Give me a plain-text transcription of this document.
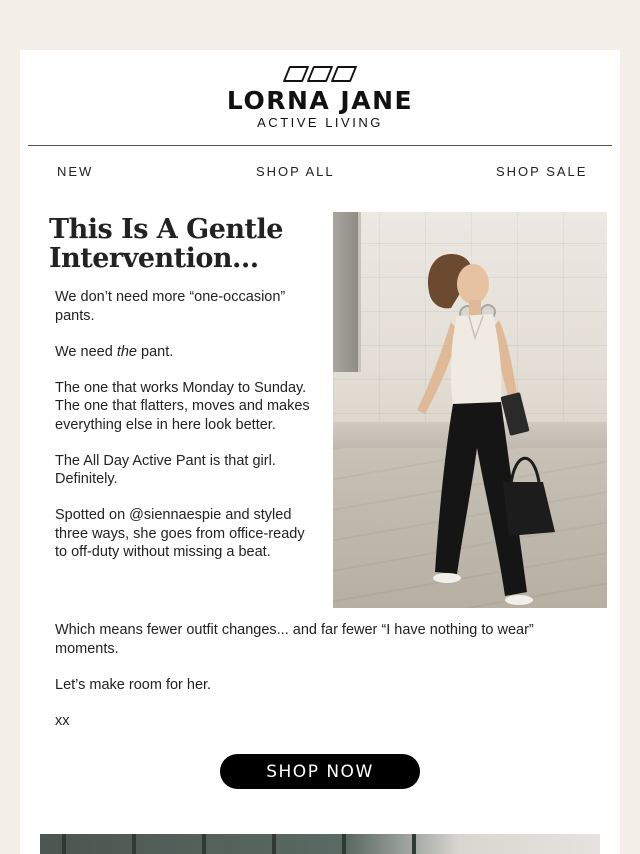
LORNA JANE
ACTIVE LIVING
NEW	SHOP ALL	SHOP SALE
This Is A Gentle
Intervention...

We don’t need more “one-occasion” pants.

We need the pant.

The one that works Monday to Sunday. The one that flatters, moves and makes everything else in here look better.

The All Day Active Pant is that girl. Definitely.

Spotted on @siennaespie and styled three ways, she goes from office-ready to off-duty without missing a beat.

Which means fewer outfit changes... and far fewer “I have nothing to wear” moments.

Let’s make room for her.

xx

SHOP NOW
